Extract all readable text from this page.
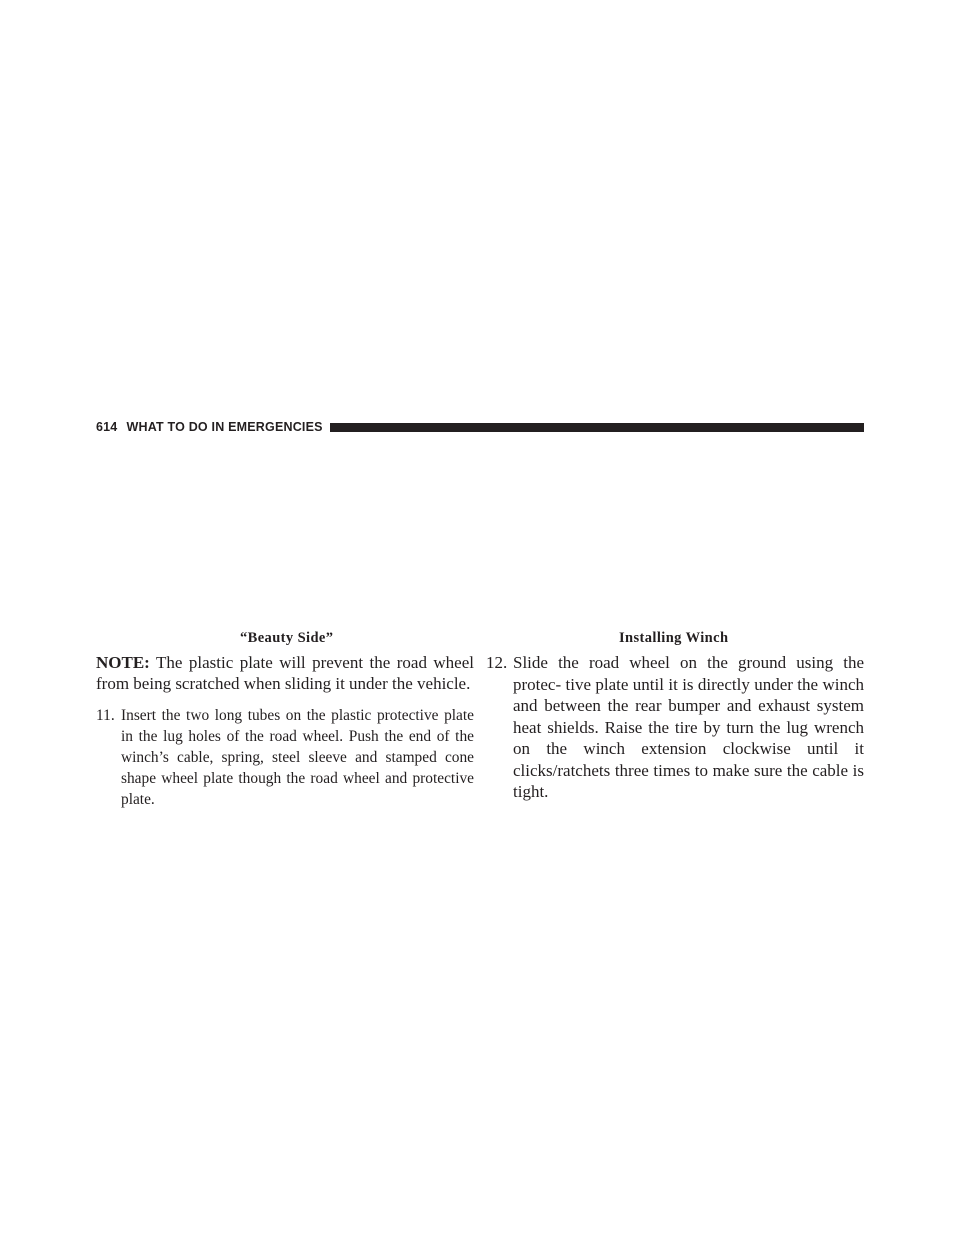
614 WHAT TO DO IN EMERGENCIES
“Beauty Side”	Installing Winch

NOTE: The plastic plate will prevent the road wheel from being scratched when sliding it under the vehicle.

11. Insert the two long tubes on the plastic protective plate in the lug holes of the road wheel. Push the end of the winch’s cable, spring, steel sleeve and stamped cone shape wheel plate though the road wheel and protective plate.

12. Slide the road wheel on the ground using the protec- tive plate until it is directly under the winch and between the rear bumper and exhaust system heat shields. Raise the tire by turn the lug wrench on the winch extension clockwise until it clicks/ratchets three times to make sure the cable is tight.
